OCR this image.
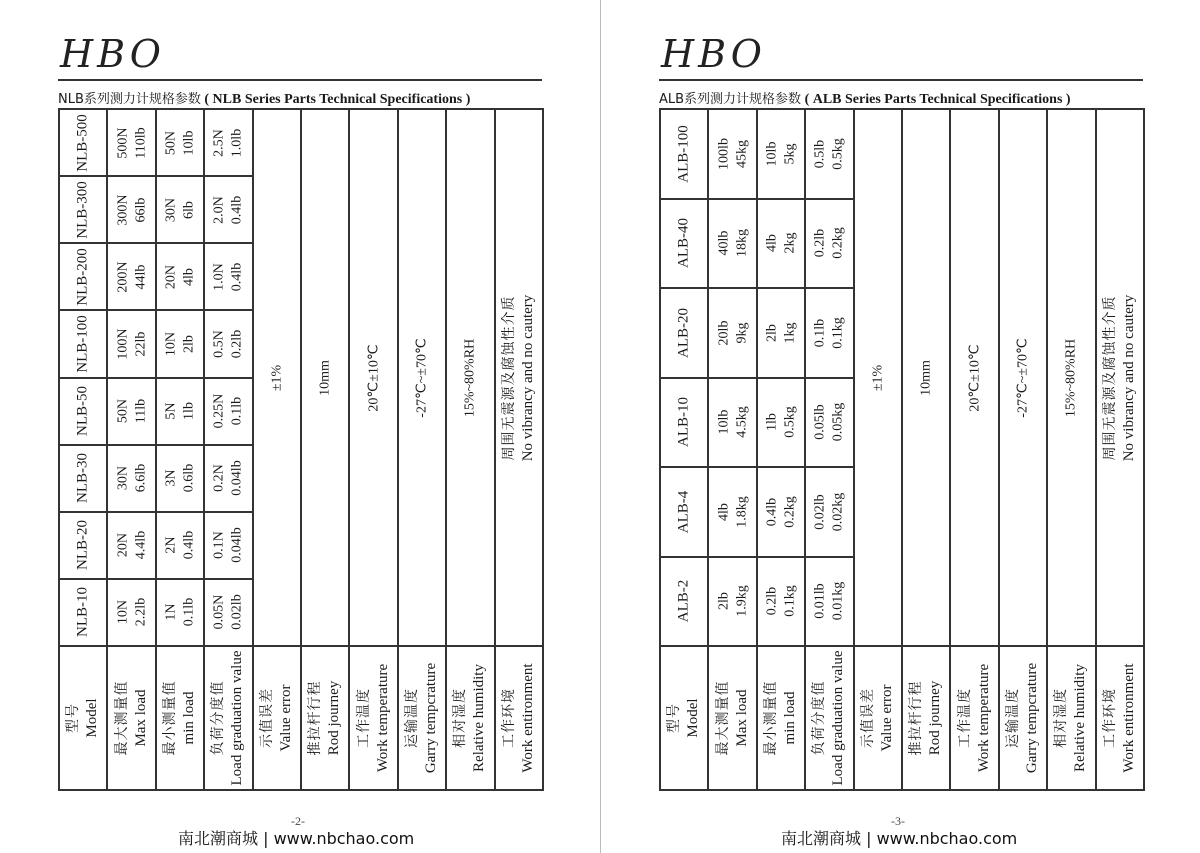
HBO
NLB系列测力计规格参数 ( NLB Series Parts Technical Specifications )
型号 Model 最大测量值 Max load 最小测量值 min load 负荷分度值 Load graduation value 示值误差 Value error 推拉杆行程 Rod journey 工作温度 Work temperature 运输温度 Garry tempcrature 相对湿度 Relative humidity 工作环境 Work entironment
NLB-10 10N 2.2lb 1N 0.1lb 0.05N 0.02lb
NLB-20 20N 4.4lb 2N 0.4lb 0.1N 0.04lb
NLB-30 30N 6.6lb 3N 0.6lb 0.2N 0.04lb
NLB-50 50N 11lb 5N 1lb 0.25N 0.1lb
NLB-100 100N 22lb 10N 2lb 0.5N 0.2lb
NLB-200 200N 44lb 20N 4lb 1.0N 0.4lb
NLB-300 300N 66lb 30N 6lb 2.0N 0.4lb
NLB-500 500N 110lb 50N 10lb 2.5N 1.0lb
±1% 10mm 20℃±10℃ -27℃~±70℃ 15%~80%RH 周围无震源及腐蚀性介质 No vibrancy and no cautery
-2-
南北潮商城 | www.nbchao.com
HBO
ALB系列测力计规格参数 ( ALB Series Parts Technical Specifications )
型号 Model 最大测量值 Max load 最小测量值 min load 负荷分度值 Load graduation value 示值误差 Value error 推拉杆行程 Rod journey 工作温度 Work temperature 运输温度 Garry tempcrature 相对湿度 Relative humidity 工作环境 Work entironment
ALB-2 2lb 1.9kg 0.2lb 0.1kg 0.01lb 0.01kg
ALB-4 4lb 1.8kg 0.4lb 0.2kg 0.02lb 0.02kg
ALB-10 10lb 4.5kg 1lb 0.5kg 0.05lb 0.05kg
ALB-20 20lb 9kg 2lb 1kg 0.1lb 0.1kg
ALB-40 40lb 18kg 4lb 2kg 0.2lb 0.2kg
ALB-100 100lb 45kg 10lb 5kg 0.5lb 0.5kg
±1% 10mm 20℃±10℃ -27℃~±70℃ 15%~80%RH 周围无震源及腐蚀性介质 No vibrancy and no cautery
-3-
南北潮商城 | www.nbchao.com
